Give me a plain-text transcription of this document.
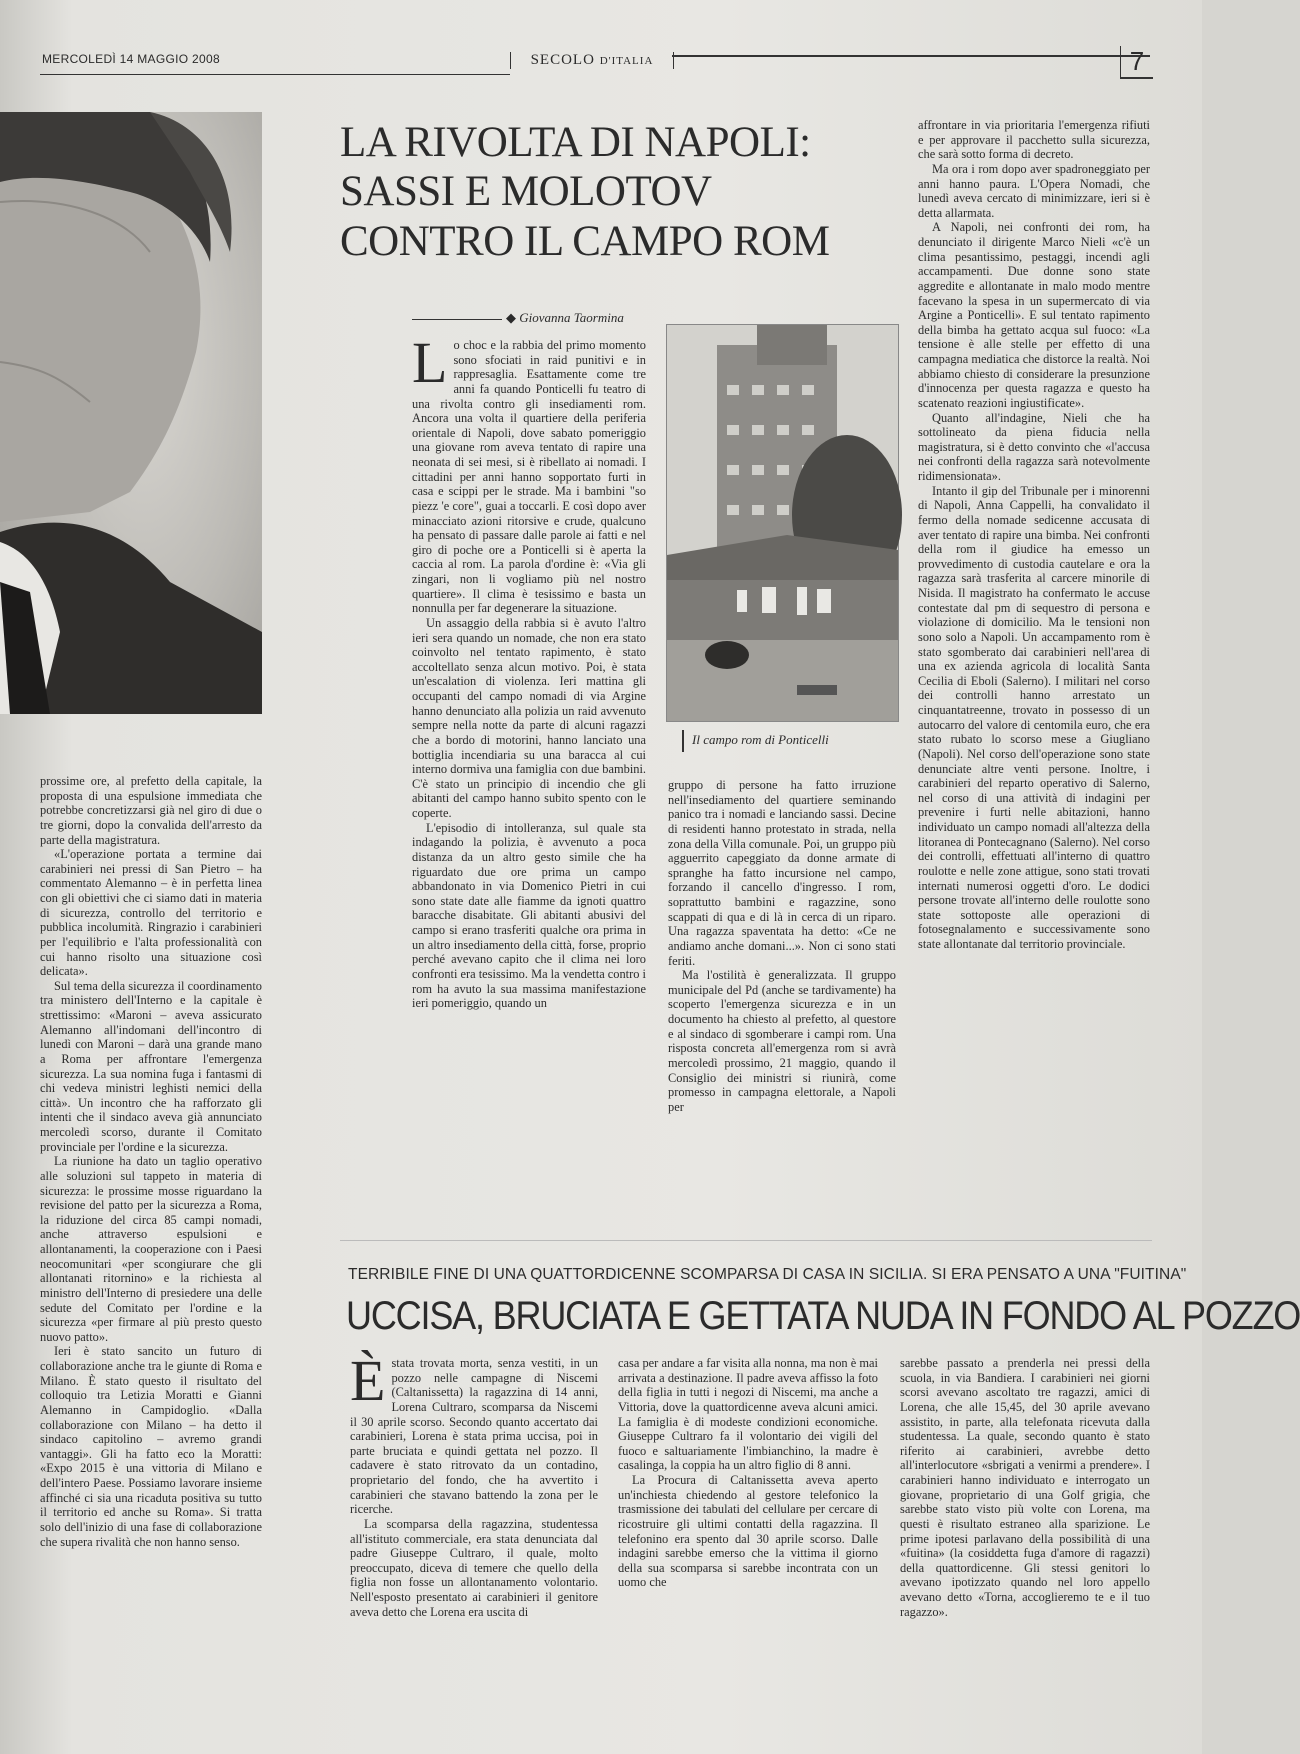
MERCOLEDÌ 14 MAGGIO 2008	SECOLO D'ITALIA	7
LA RIVOLTA DI NAPOLI:
SASSI E MOLOTOV
CONTRO IL CAMPO ROM
◆ Giovanna Taormina

Lo choc e la rabbia del primo momento sono sfociati in raid punitivi e in rappresaglia. Esattamente come tre anni fa quando Ponticelli fu teatro di una rivolta contro gli insediamenti rom. Ancora una volta il quartiere della periferia orientale di Napoli, dove sabato pomeriggio una giovane rom aveva tentato di rapire una neonata di sei mesi, si è ribellato ai nomadi. I cittadini per anni hanno sopportato furti in casa e scippi per le strade. Ma i bambini "so piezz 'e core", guai a toccarli. E così dopo aver minacciato azioni ritorsive e crude, qualcuno ha pensato di passare dalle parole ai fatti e nel giro di poche ore a Ponticelli si è aperta la caccia al rom. La parola d'ordine è: «Via gli zingari, non li vogliamo più nel nostro quartiere». Il clima è tesissimo e basta un nonnulla per far degenerare la situazione.

Un assaggio della rabbia si è avuto l'altro ieri sera quando un nomade, che non era stato coinvolto nel tentato rapimento, è stato accoltellato senza alcun motivo. Poi, è stata un'escalation di violenza. Ieri mattina gli occupanti del campo nomadi di via Argine hanno denunciato alla polizia un raid avvenuto sempre nella notte da parte di alcuni ragazzi che a bordo di motorini, hanno lanciato una bottiglia incendiaria su una baracca al cui interno dormiva una famiglia con due bambini. C'è stato un principio di incendio che gli abitanti del campo hanno subito spento con le coperte.

L'episodio di intolleranza, sul quale sta indagando la polizia, è avvenuto a poca distanza da un altro gesto simile che ha riguardato due ore prima un campo abbandonato in via Domenico Pietri in cui sono state date alle fiamme da ignoti quattro baracche disabitate. Gli abitanti abusivi del campo si erano trasferiti qualche ora prima in un altro insediamento della città, forse, proprio perché avevano capito che il clima nei loro confronti era tesissimo. Ma la vendetta contro i rom ha avuto la sua massima manifestazione ieri pomeriggio, quando un

Il campo rom di Ponticelli

gruppo di persone ha fatto irruzione nell'insediamento del quartiere seminando panico tra i nomadi e lanciando sassi. Decine di residenti hanno protestato in strada, nella zona della Villa comunale. Poi, un gruppo più agguerrito capeggiato da donne armate di spranghe ha fatto incursione nel campo, forzando il cancello d'ingresso. I rom, soprattutto bambini e ragazzine, sono scappati di qua e di là in cerca di un riparo. Una ragazza spaventata ha detto: «Ce ne andiamo anche domani...». Non ci sono stati feriti.

Ma l'ostilità è generalizzata. Il gruppo municipale del Pd (anche se tardivamente) ha scoperto l'emergenza sicurezza e in un documento ha chiesto al prefetto, al questore e al sindaco di sgomberare i campi rom. Una risposta concreta all'emergenza rom si avrà mercoledì prossimo, 21 maggio, quando il Consiglio dei ministri si riunirà, come promesso in campagna elettorale, a Napoli per

affrontare in via prioritaria l'emergenza rifiuti e per approvare il pacchetto sulla sicurezza, che sarà sotto forma di decreto.

Ma ora i rom dopo aver spadroneggiato per anni hanno paura. L'Opera Nomadi, che lunedì aveva cercato di minimizzare, ieri si è detta allarmata.

A Napoli, nei confronti dei rom, ha denunciato il dirigente Marco Nieli «c'è un clima pesantissimo, pestaggi, incendi agli accampamenti. Due donne sono state aggredite e allontanate in malo modo mentre facevano la spesa in un supermercato di via Argine a Ponticelli». E sul tentato rapimento della bimba ha gettato acqua sul fuoco: «La tensione è alle stelle per effetto di una campagna mediatica che distorce la realtà. Noi abbiamo chiesto di considerare la presunzione d'innocenza per questa ragazza e questo ha scatenato reazioni ingiustificate».

Quanto all'indagine, Nieli che ha sottolineato da piena fiducia nella magistratura, si è detto convinto che «l'accusa nei confronti della ragazza sarà notevolmente ridimensionata».

Intanto il gip del Tribunale per i minorenni di Napoli, Anna Cappelli, ha convalidato il fermo della nomade sedicenne accusata di aver tentato di rapire una bimba. Nei confronti della rom il giudice ha emesso un provvedimento di custodia cautelare e ora la ragazza sarà trasferita al carcere minorile di Nisida. Il magistrato ha confermato le accuse contestate dal pm di sequestro di persona e violazione di domicilio. Ma le tensioni non sono solo a Napoli. Un accampamento rom è stato sgomberato dai carabinieri nell'area di una ex azienda agricola di località Santa Cecilia di Eboli (Salerno). I militari nel corso dei controlli hanno arrestato un cinquantatreenne, trovato in possesso di un autocarro del valore di centomila euro, che era stato rubato lo scorso mese a Giugliano (Napoli). Nel corso dell'operazione sono state denunciate altre venti persone. Inoltre, i carabinieri del reparto operativo di Salerno, nel corso di una attività di indagini per prevenire i furti nelle abitazioni, hanno individuato un campo nomadi all'altezza della litoranea di Pontecagnano (Salerno). Nel corso dei controlli, effettuati all'interno di quattro roulotte e nelle zone attigue, sono stati trovati internati numerosi oggetti d'oro. Le dodici persone trovate all'interno delle roulotte sono state sottoposte alle operazioni di fotosegnalamento e successivamente sono state allontanate dal territorio provinciale.

prossime ore, al prefetto della capitale, la proposta di una espulsione immediata che potrebbe concretizzarsi già nel giro di due o tre giorni, dopo la convalida dell'arresto da parte della magistratura.

«L'operazione portata a termine dai carabinieri nei pressi di San Pietro – ha commentato Alemanno – è in perfetta linea con gli obiettivi che ci siamo dati in materia di sicurezza, controllo del territorio e pubblica incolumità. Ringrazio i carabinieri per l'equilibrio e l'alta professionalità con cui hanno risolto una situazione così delicata».

Sul tema della sicurezza il coordinamento tra ministero dell'Interno e la capitale è strettissimo: «Maroni – aveva assicurato Alemanno all'indomani dell'incontro di lunedì con Maroni – darà una grande mano a Roma per affrontare l'emergenza sicurezza. La sua nomina fuga i fantasmi di chi vedeva ministri leghisti nemici della città». Un incontro che ha rafforzato gli intenti che il sindaco aveva già annunciato mercoledì scorso, durante il Comitato provinciale per l'ordine e la sicurezza.

La riunione ha dato un taglio operativo alle soluzioni sul tappeto in materia di sicurezza: le prossime mosse riguardano la revisione del patto per la sicurezza a Roma, la riduzione del circa 85 campi nomadi, anche attraverso espulsioni e allontanamenti, la cooperazione con i Paesi neocomunitari «per scongiurare che gli allontanati ritornino» e la richiesta al ministro dell'Interno di presiedere una delle sedute del Comitato per l'ordine e la sicurezza «per firmare al più presto questo nuovo patto».

Ieri è stato sancito un futuro di collaborazione anche tra le giunte di Roma e Milano. È stato questo il risultato del colloquio tra Letizia Moratti e Gianni Alemanno in Campidoglio. «Dalla collaborazione con Milano – ha detto il sindaco capitolino – avremo grandi vantaggi». Gli ha fatto eco la Moratti: «Expo 2015 è una vittoria di Milano e dell'intero Paese. Possiamo lavorare insieme affinché ci sia una ricaduta positiva su tutto il territorio ed anche su Roma». Si tratta solo dell'inizio di una fase di collaborazione che supera rivalità che non hanno senso.

TERRIBILE FINE DI UNA QUATTORDICENNE SCOMPARSA DI CASA IN SICILIA. SI ERA PENSATO A UNA "FUITINA"
UCCISA, BRUCIATA E GETTATA NUDA IN FONDO AL POZZO

Èstata trovata morta, senza vestiti, in un pozzo nelle campagne di Niscemi (Caltanissetta) la ragazzina di 14 anni, Lorena Cultraro, scomparsa da Niscemi il 30 aprile scorso. Secondo quanto accertato dai carabinieri, Lorena è stata prima uccisa, poi in parte bruciata e quindi gettata nel pozzo. Il cadavere è stato ritrovato da un contadino, proprietario del fondo, che ha avvertito i carabinieri che stavano battendo la zona per le ricerche.

La scomparsa della ragazzina, studentessa all'istituto commerciale, era stata denunciata dal padre Giuseppe Cultraro, il quale, molto preoccupato, diceva di temere che quello della figlia non fosse un allontanamento volontario. Nell'esposto presentato ai carabinieri il genitore aveva detto che Lorena era uscita di

casa per andare a far visita alla nonna, ma non è mai arrivata a destinazione. Il padre aveva affisso la foto della figlia in tutti i negozi di Niscemi, ma anche a Vittoria, dove la quattordicenne aveva alcuni amici. La famiglia è di modeste condizioni economiche. Giuseppe Cultraro fa il volontario dei vigili del fuoco e saltuariamente l'imbianchino, la madre è casalinga, la coppia ha un altro figlio di 8 anni.

La Procura di Caltanissetta aveva aperto un'inchiesta chiedendo al gestore telefonico la trasmissione dei tabulati del cellulare per cercare di ricostruire gli ultimi contatti della ragazzina. Il telefonino era spento dal 30 aprile scorso. Dalle indagini sarebbe emerso che la vittima il giorno della sua scomparsa si sarebbe incontrata con un uomo che

sarebbe passato a prenderla nei pressi della scuola, in via Bandiera. I carabinieri nei giorni scorsi avevano ascoltato tre ragazzi, amici di Lorena, che alle 15,45, del 30 aprile avevano assistito, in parte, alla telefonata ricevuta dalla studentessa. La quale, secondo quanto è stato riferito ai carabinieri, avrebbe detto all'interlocutore «sbrigati a venirmi a prendere». I carabinieri hanno individuato e interrogato un giovane, proprietario di una Golf grigia, che sarebbe stato visto più volte con Lorena, ma questi è risultato estraneo alla sparizione. Le prime ipotesi parlavano della possibilità di una «fuitina» (la cosiddetta fuga d'amore di ragazzi) della quattordicenne. Gli stessi genitori lo avevano ipotizzato quando nel loro appello avevano detto «Torna, accoglieremo te e il tuo ragazzo».
